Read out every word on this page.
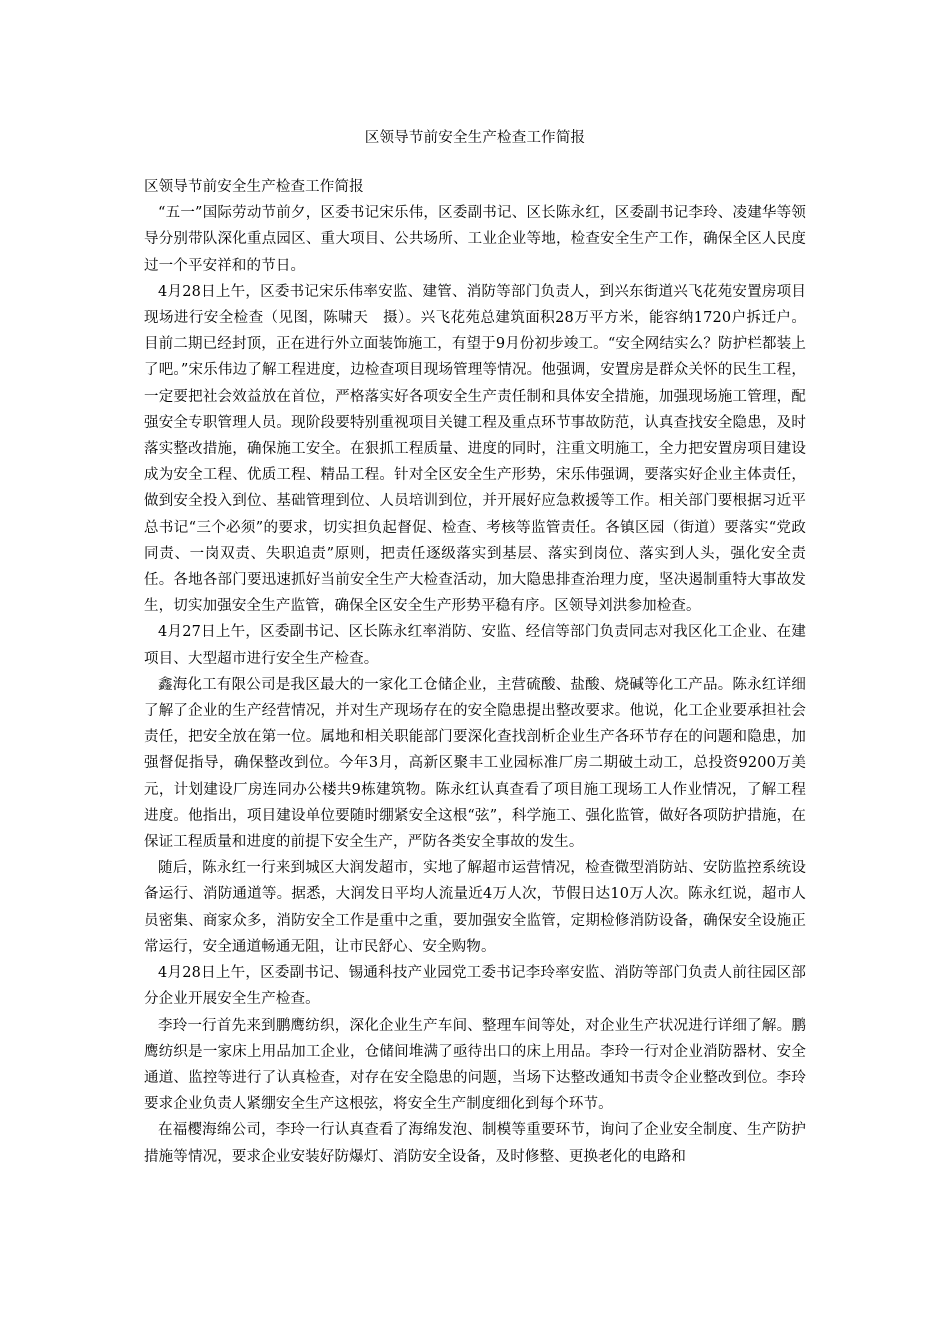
区领导节前安全生产检查工作简报

区领导节前安全生产检查工作简报

“五一”国际劳动节前夕，区委书记宋乐伟，区委副书记、区长陈永红，区委副书记李玲、凌建华等领导分别带队深化重点园区、重大项目、公共场所、工业企业等地，检查安全生产工作，确保全区人民度过一个平安祥和的节日。

4月28日上午，区委书记宋乐伟率安监、建管、消防等部门负责人，到兴东街道兴飞花苑安置房项目现场进行安全检查（见图，陈啸天　摄）。兴飞花苑总建筑面积28万平方米，能容纳1720户拆迁户。目前二期已经封顶，正在进行外立面装饰施工，有望于9月份初步竣工。“安全网结实么？防护栏都装上了吧。”宋乐伟边了解工程进度，边检查项目现场管理等情况。他强调，安置房是群众关怀的民生工程，一定要把社会效益放在首位，严格落实好各项安全生产责任制和具体安全措施，加强现场施工管理，配强安全专职管理人员。现阶段要特别重视项目关键工程及重点环节事故防范，认真查找安全隐患，及时落实整改措施，确保施工安全。在狠抓工程质量、进度的同时，注重文明施工，全力把安置房项目建设成为安全工程、优质工程、精品工程。针对全区安全生产形势，宋乐伟强调，要落实好企业主体责任，做到安全投入到位、基础管理到位、人员培训到位，并开展好应急救援等工作。相关部门要根据习近平总书记“三个必须”的要求，切实担负起督促、检查、考核等监管责任。各镇区园（街道）要落实“党政同责、一岗双责、失职追责”原则，把责任逐级落实到基层、落实到岗位、落实到人头，强化安全责任。各地各部门要迅速抓好当前安全生产大检查活动，加大隐患排查治理力度，坚决遏制重特大事故发生，切实加强安全生产监管，确保全区安全生产形势平稳有序。区领导刘洪参加检查。

4月27日上午，区委副书记、区长陈永红率消防、安监、经信等部门负责同志对我区化工企业、在建项目、大型超市进行安全生产检查。

鑫海化工有限公司是我区最大的一家化工仓储企业，主营硫酸、盐酸、烧碱等化工产品。陈永红详细了解了企业的生产经营情况，并对生产现场存在的安全隐患提出整改要求。他说，化工企业要承担社会责任，把安全放在第一位。属地和相关职能部门要深化查找剖析企业生产各环节存在的问题和隐患，加强督促指导，确保整改到位。今年3月，高新区聚丰工业园标准厂房二期破土动工，总投资9200万美元，计划建设厂房连同办公楼共9栋建筑物。陈永红认真查看了项目施工现场工人作业情况，了解工程进度。他指出，项目建设单位要随时绷紧安全这根“弦”，科学施工、强化监管，做好各项防护措施，在保证工程质量和进度的前提下安全生产，严防各类安全事故的发生。

随后，陈永红一行来到城区大润发超市，实地了解超市运营情况，检查微型消防站、安防监控系统设备运行、消防通道等。据悉，大润发日平均人流量近4万人次，节假日达10万人次。陈永红说，超市人员密集、商家众多，消防安全工作是重中之重，要加强安全监管，定期检修消防设备，确保安全设施正常运行，安全通道畅通无阻，让市民舒心、安全购物。

4月28日上午，区委副书记、锡通科技产业园党工委书记李玲率安监、消防等部门负责人前往园区部分企业开展安全生产检查。

李玲一行首先来到鹏鹰纺织，深化企业生产车间、整理车间等处，对企业生产状况进行详细了解。鹏鹰纺织是一家床上用品加工企业，仓储间堆满了亟待出口的床上用品。李玲一行对企业消防器材、安全通道、监控等进行了认真检查，对存在安全隐患的问题，当场下达整改通知书责令企业整改到位。李玲要求企业负责人紧绷安全生产这根弦，将安全生产制度细化到每个环节。

在福樱海绵公司，李玲一行认真查看了海绵发泡、制模等重要环节，询问了企业安全制度、生产防护措施等情况，要求企业安装好防爆灯、消防安全设备，及时修整、更换老化的电路和
